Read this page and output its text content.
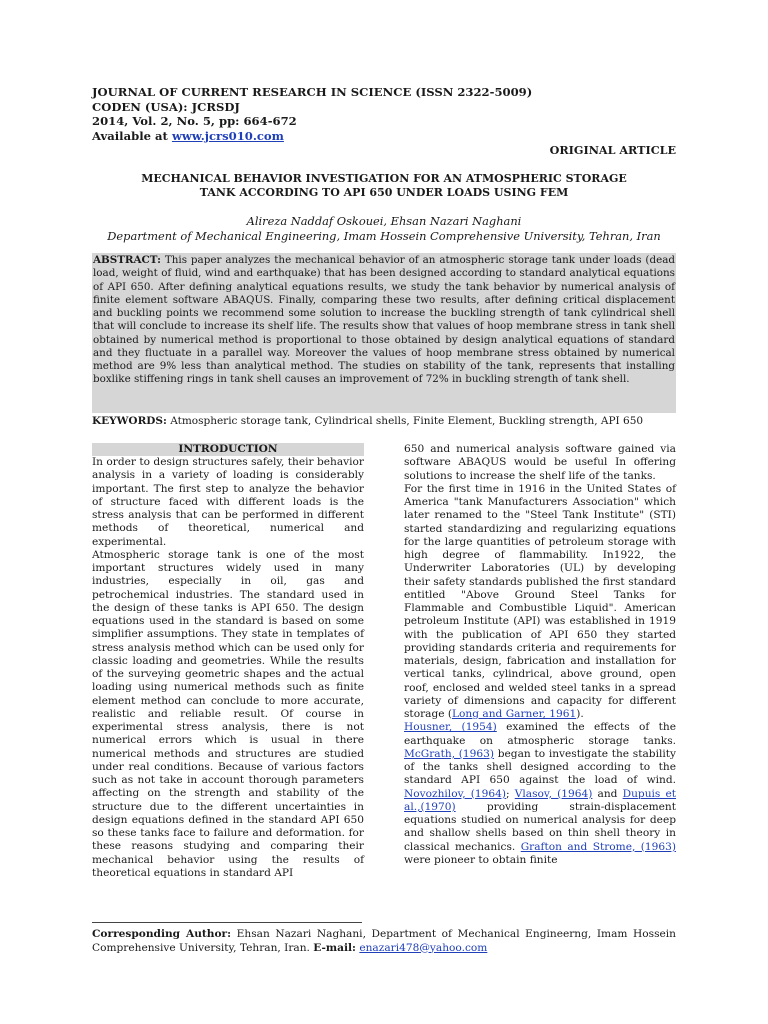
JOURNAL OF CURRENT RESEARCH IN SCIENCE (ISSN 2322-5009)
CODEN (USA): JCRSDJ
2014, Vol. 2, No. 5, pp: 664-672
Available at www.jcrs010.com
ORIGINAL ARTICLE
MECHANICAL BEHAVIOR INVESTIGATION FOR AN ATMOSPHERIC STORAGE
TANK ACCORDING TO API 650 UNDER LOADS USING FEM
Alireza Naddaf Oskouei, Ehsan Nazari Naghani
Department of Mechanical Engineering, Imam Hossein Comprehensive University, Tehran, Iran

ABSTRACT: This paper analyzes the mechanical behavior of an atmospheric storage tank under loads (dead load, weight of fluid, wind and earthquake) that has been designed according to standard analytical equations of API 650. After defining analytical equations results, we study the tank behavior by numerical analysis of finite element software ABAQUS. Finally, comparing these two results, after defining critical displacement and buckling points we recommend some solution to increase the buckling strength of tank cylindrical shell that will conclude to increase its shelf life. The results show that values of hoop membrane stress in tank shell obtained by numerical method is proportional to those obtained by design analytical equations of standard and they fluctuate in a parallel way. Moreover the values of hoop membrane stress obtained by numerical method are 9% less than analytical method. The studies on stability of the tank, represents that installing boxlike stiffening rings in tank shell causes an improvement of 72% in buckling strength of tank shell.

KEYWORDS: Atmospheric storage tank, Cylindrical shells, Finite Element, Buckling strength, API 650
INTRODUCTION

In order to design structures safely, their behavior analysis in a variety of loading is considerably important. The first step to analyze the behavior of structure faced with different loads is the stress analysis that can be performed in different methods of theoretical, numerical and experimental.

Atmospheric storage tank is one of the most important structures widely used in many industries, especially in oil, gas and petrochemical industries. The standard used in the design of these tanks is API 650. The design equations used in the standard is based on some simplifier assumptions. They state in templates of stress analysis method which can be used only for classic loading and geometries. While the results of the surveying geometric shapes and the actual loading using numerical methods such as finite element method can conclude to more accurate, realistic and reliable result. Of course in experimental stress analysis, there is not numerical errors which is usual in there numerical methods and structures are studied under real conditions. Because of various factors such as not take in account thorough parameters affecting on the strength and stability of the structure due to the different uncertainties in design equations defined in the standard API 650 so these tanks face to failure and deformation. for these reasons studying and comparing their mechanical behavior using the results of theoretical equations in standard API

650 and numerical analysis software gained via software ABAQUS would be useful In offering solutions to increase the shelf life of the tanks.

For the first time in 1916 in the United States of America "tank Manufacturers Association" which later renamed to the "Steel Tank Institute" (STI) started standardizing and regularizing equations for the large quantities of petroleum storage with high degree of flammability. In1922, the Underwriter Laboratories (UL) by developing their safety standards published the first standard entitled "Above Ground Steel Tanks for Flammable and Combustible Liquid". American petroleum Institute (API) was established in 1919 with the publication of API 650 they started providing standards criteria and requirements for materials, design, fabrication and installation for vertical tanks, cylindrical, above ground, open roof, enclosed and welded steel tanks in a spread variety of dimensions and capacity for different storage (Long and Garner, 1961).

Housner, (1954) examined the effects of the earthquake on atmospheric storage tanks. McGrath, (1963) began to investigate the stability of the tanks shell designed according to the standard API 650 against the load of wind. Novozhilov, (1964); Vlasov, (1964) and Dupuis et al.,(1970) providing strain-displacement equations studied on numerical analysis for deep and shallow shells based on thin shell theory in classical mechanics. Grafton and Strome, (1963) were pioneer to obtain finite

Corresponding Author: Ehsan Nazari Naghani, Department of Mechanical Engineerng, Imam Hossein Comprehensive University, Tehran, Iran. E-mail: enazari478@yahoo.com
